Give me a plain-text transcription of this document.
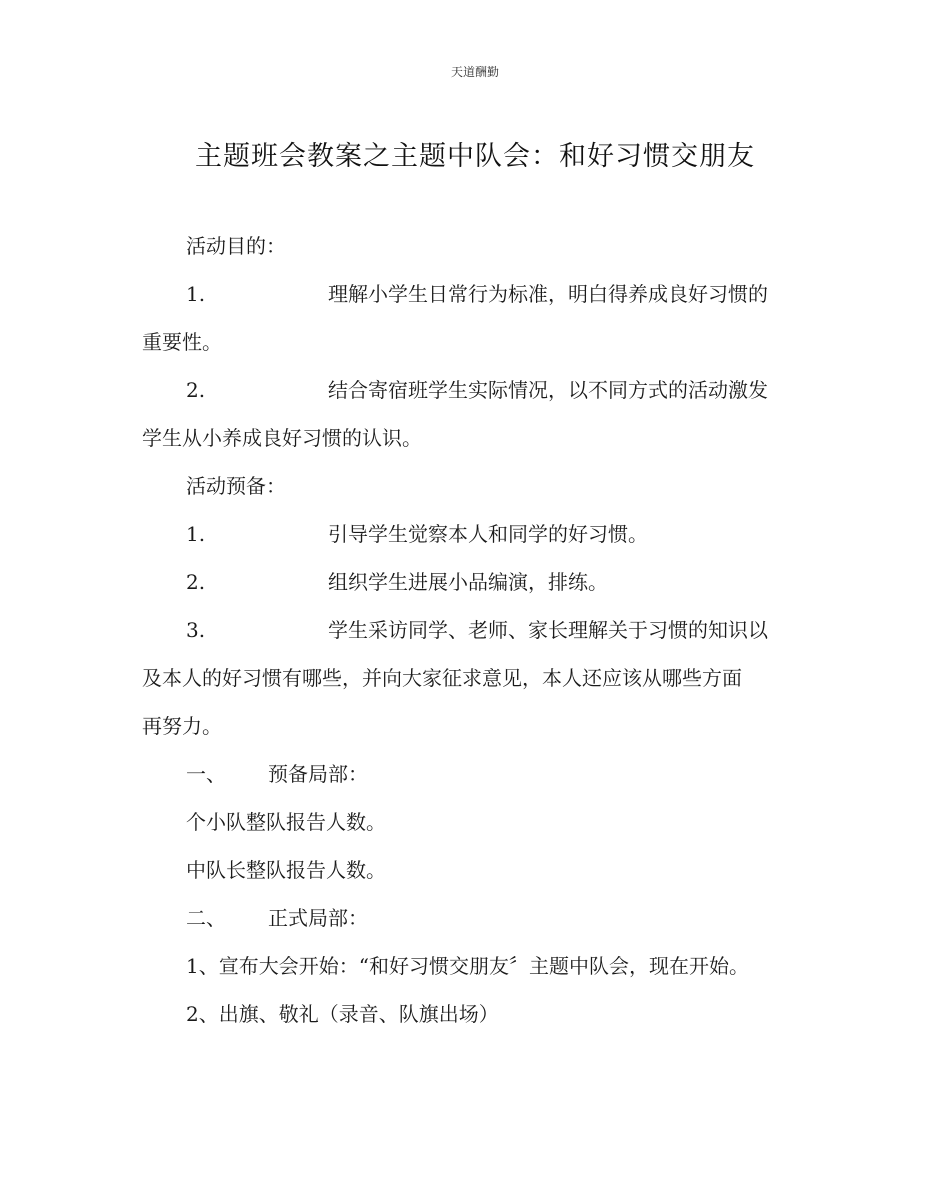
天道酬勤
主题班会教案之主题中队会：和好习惯交朋友
活动目的：
1.	理解小学生日常行为标准，明白得养成良好习惯的
重要性。
2.	结合寄宿班学生实际情况，以不同方式的活动激发
学生从小养成良好习惯的认识。
活动预备：
1.	引导学生觉察本人和同学的好习惯。
2.	组织学生进展小品编演，排练。
3.	学生采访同学、老师、家长理解关于习惯的知识以
及本人的好习惯有哪些，并向大家征求意见，本人还应该从哪些方面
再努力。
一、 预备局部：
个小队整队报告人数。
中队长整队报告人数。
二、 正式局部：
1、宣布大会开始：“和好习惯交朋友〞主题中队会，现在开始。
2、出旗、敬礼（录音、队旗出场）
